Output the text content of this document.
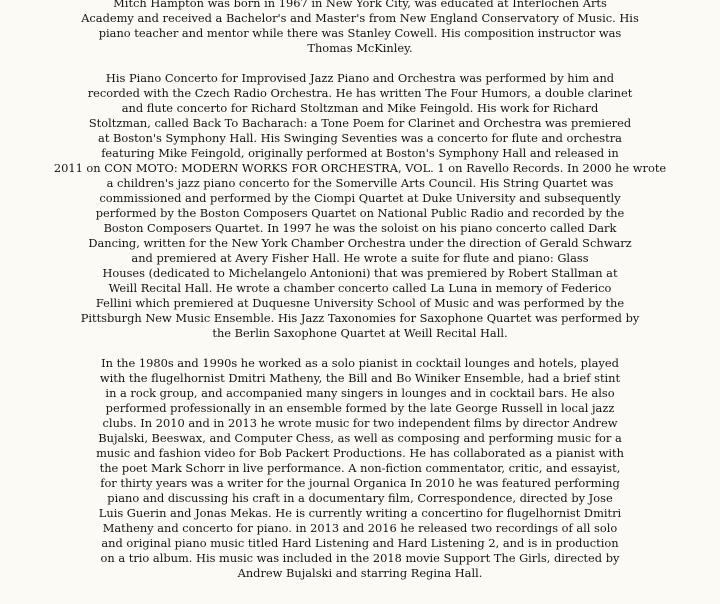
Mitch Hampton was born in 1967 in New York City, was educated at Interlochen Arts
Academy and received a Bachelor's and Master's from New England Conservatory of Music. His
piano teacher and mentor while there was Stanley Cowell. His composition instructor was
Thomas McKinley.
His Piano Concerto for Improvised Jazz Piano and Orchestra was performed by him and
recorded with the Czech Radio Orchestra. He has written The Four Humors, a double clarinet
and flute concerto for Richard Stoltzman and Mike Feingold. His work for Richard
Stoltzman, called Back To Bacharach: a Tone Poem for Clarinet and Orchestra was premiered
at Boston's Symphony Hall. His Swinging Seventies was a concerto for flute and orchestra
featuring Mike Feingold, originally performed at Boston's Symphony Hall and released in
2011 on CON MOTO: MODERN WORKS FOR ORCHESTRA, VOL. 1 on Ravello Records. In 2000 he wrote
a children's jazz piano concerto for the Somerville Arts Council. His String Quartet was
commissioned and performed by the Ciompi Quartet at Duke University and subsequently
performed by the Boston Composers Quartet on National Public Radio and recorded by the
Boston Composers Quartet. In 1997 he was the soloist on his piano concerto called Dark
Dancing, written for the New York Chamber Orchestra under the direction of Gerald Schwarz
and premiered at Avery Fisher Hall. He wrote a suite for flute and piano: Glass
Houses (dedicated to Michelangelo Antonioni) that was premiered by Robert Stallman at
Weill Recital Hall. He wrote a chamber concerto called La Luna in memory of Federico
Fellini which premiered at Duquesne University School of Music and was performed by the
Pittsburgh New Music Ensemble. His Jazz Taxonomies for Saxophone Quartet was performed by
the Berlin Saxophone Quartet at Weill Recital Hall.
In the 1980s and 1990s he worked as a solo pianist in cocktail lounges and hotels, played
with the flugelhornist Dmitri Matheny, the Bill and Bo Winiker Ensemble, had a brief stint
in a rock group, and accompanied many singers in lounges and in cocktail bars. He also
performed professionally in an ensemble formed by the late George Russell in local jazz
clubs. In 2010 and in 2013 he wrote music for two independent films by director Andrew
Bujalski, Beeswax, and Computer Chess, as well as composing and performing music for a
music and fashion video for Bob Packert Productions. He has collaborated as a pianist with
the poet Mark Schorr in live performance. A non-fiction commentator, critic, and essayist,
for thirty years was a writer for the journal Organica In 2010 he was featured performing
piano and discussing his craft in a documentary film, Correspondence, directed by Jose
Luis Guerin and Jonas Mekas. He is currently writing a concertino for flugelhornist Dmitri
Matheny and concerto for piano. in 2013 and 2016 he released two recordings of all solo
and original piano music titled Hard Listening and Hard Listening 2, and is in production
on a trio album. His music was included in the 2018 movie Support The Girls, directed by
Andrew Bujalski and starring Regina Hall.
